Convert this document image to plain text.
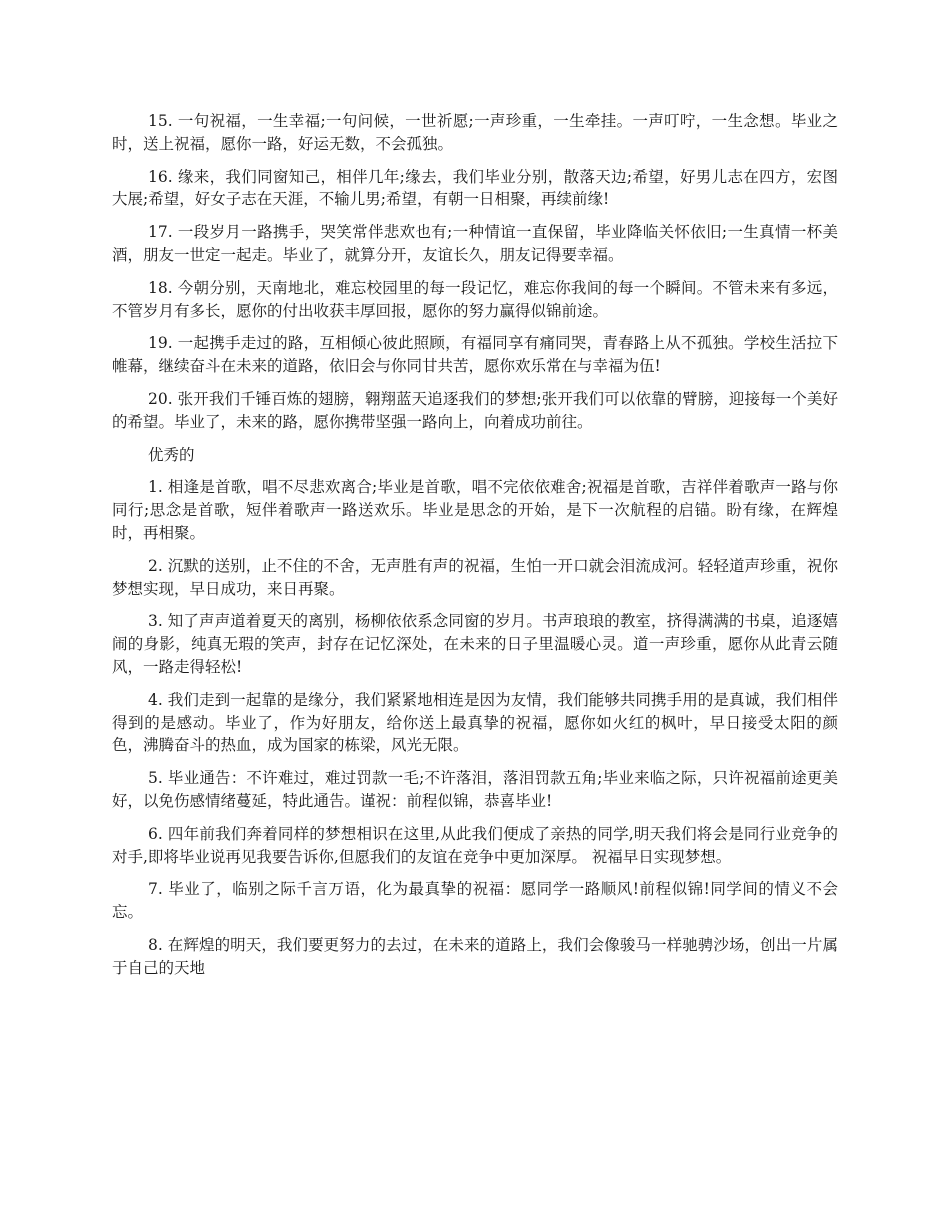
15. 一句祝福，一生幸福;一句问候，一世祈愿;一声珍重，一生牵挂。一声叮咛，一生念想。毕业之时，送上祝福，愿你一路，好运无数，不会孤独。

16. 缘来，我们同窗知己，相伴几年;缘去，我们毕业分别，散落天边;希望，好男儿志在四方，宏图大展;希望，好女子志在天涯，不输儿男;希望，有朝一日相聚，再续前缘!

17. 一段岁月一路携手，哭笑常伴悲欢也有;一种情谊一直保留，毕业降临关怀依旧;一生真情一杯美酒，朋友一世定一起走。毕业了，就算分开，友谊长久，朋友记得要幸福。

18. 今朝分别，天南地北，难忘校园里的每一段记忆，难忘你我间的每一个瞬间。不管未来有多远，不管岁月有多长，愿你的付出收获丰厚回报，愿你的努力赢得似锦前途。

19. 一起携手走过的路，互相倾心彼此照顾，有福同享有痛同哭，青春路上从不孤独。学校生活拉下帷幕，继续奋斗在未来的道路，依旧会与你同甘共苦，愿你欢乐常在与幸福为伍!

20. 张开我们千锤百炼的翅膀，翱翔蓝天追逐我们的梦想;张开我们可以依靠的臂膀，迎接每一个美好的希望。毕业了，未来的路，愿你携带坚强一路向上，向着成功前往。

优秀的

1. 相逢是首歌，唱不尽悲欢离合;毕业是首歌，唱不完依依难舍;祝福是首歌，吉祥伴着歌声一路与你同行;思念是首歌，短伴着歌声一路送欢乐。毕业是思念的开始，是下一次航程的启锚。盼有缘，在辉煌时，再相聚。

2. 沉默的送别，止不住的不舍，无声胜有声的祝福，生怕一开口就会泪流成河。轻轻道声珍重，祝你梦想实现，早日成功，来日再聚。

3. 知了声声道着夏天的离别，杨柳依依系念同窗的岁月。书声琅琅的教室，挤得满满的书桌，追逐嬉闹的身影，纯真无瑕的笑声，封存在记忆深处，在未来的日子里温暖心灵。道一声珍重，愿你从此青云随风，一路走得轻松!

4. 我们走到一起靠的是缘分，我们紧紧地相连是因为友情，我们能够共同携手用的是真诚，我们相伴得到的是感动。毕业了，作为好朋友，给你送上最真挚的祝福，愿你如火红的枫叶，早日接受太阳的颜色，沸腾奋斗的热血，成为国家的栋梁，风光无限。

5. 毕业通告：不许难过，难过罚款一毛;不许落泪，落泪罚款五角;毕业来临之际，只许祝福前途更美好，以免伤感情绪蔓延，特此通告。谨祝：前程似锦，恭喜毕业!

6. 四年前我们奔着同样的梦想相识在这里,从此我们便成了亲热的同学,明天我们将会是同行业竞争的对手,即将毕业说再见我要告诉你,但愿我们的友谊在竞争中更加深厚。 祝福早日实现梦想。

7. 毕业了，临别之际千言万语，化为最真挚的祝福：愿同学一路顺风!前程似锦!同学间的情义不会忘。

8. 在辉煌的明天，我们要更努力的去过，在未来的道路上，我们会像骏马一样驰骋沙场，创出一片属于自己的天地
